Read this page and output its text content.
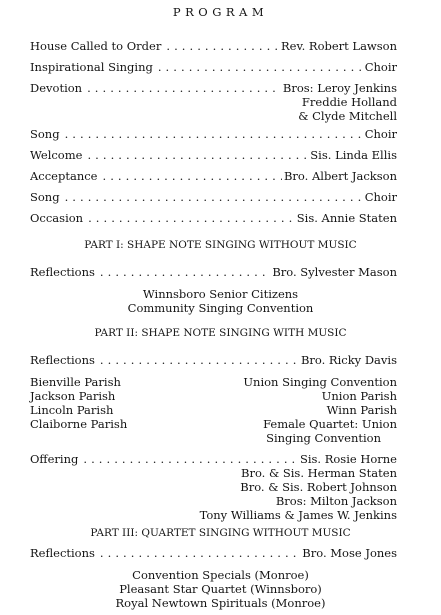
PROGRAM
House Called to Order . . .	Rev. Robert Lawson
Inspirational Singing . . .	Choir
Devotion . . .	Bros: Leroy Jenkins
Freddie Holland
& Clyde Mitchell
Song . . .	Choir
Welcome . . .	Sis. Linda Ellis
Acceptance . . .	Bro. Albert Jackson
Song . . .	Choir
Occasion . . .	Sis. Annie Staten
PART I: SHAPE NOTE SINGING WITHOUT MUSIC
Reflections . . .	Bro. Sylvester Mason
Winnsboro Senior Citizens
Community Singing Convention
PART II: SHAPE NOTE SINGING WITH MUSIC
Reflections . . .	Bro. Ricky Davis
Bienville Parish	Union Singing Convention
Jackson Parish	Union Parish
Lincoln Parish	Winn Parish
Claiborne Parish	Female Quartet: Union
Singing Convention
Offering . . .	Sis. Rosie Horne
Bro. & Sis. Herman Staten
Bro. & Sis. Robert Johnson
Bros: Milton Jackson
Tony Williams & James W. Jenkins
PART III: QUARTET SINGING WITHOUT MUSIC
Reflections . . .	Bro. Mose Jones
Convention Specials (Monroe)
Pleasant Star Quartet (Winnsboro)
Royal Newtown Spirituals (Monroe)
